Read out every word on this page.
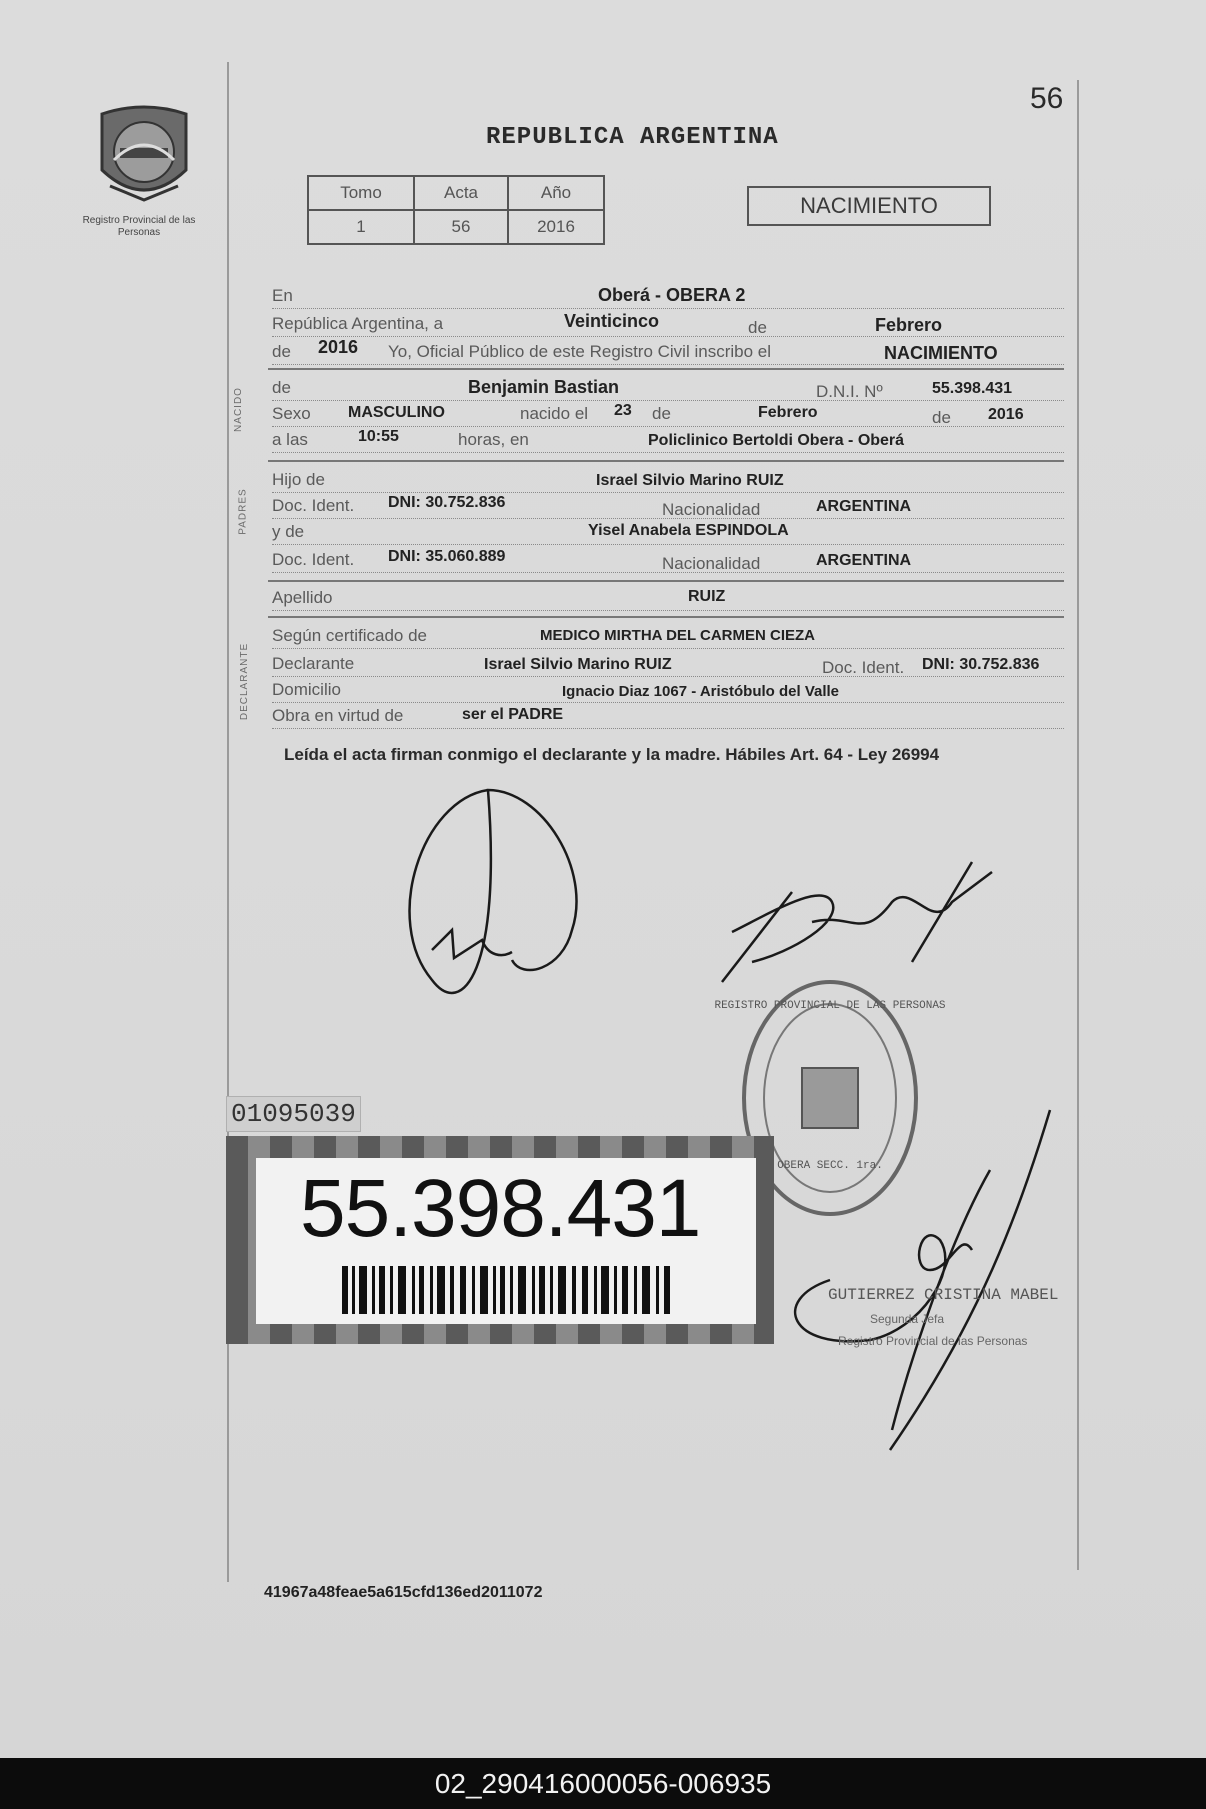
Registro Provincial de las Personas
56
REPUBLICA ARGENTINA
Tomo	Acta	Año
1	56	2016
NACIMIENTO
En	Oberá - OBERA 2
República Argentina, a	Veinticinco	de	Febrero
de 2016 Yo, Oficial Público de este Registro Civil inscribo el	NACIMIENTO
NACIDO de	Benjamin Bastian	D.N.I. Nº	55.398.431
Sexo MASCULINO	nacido el 23 de	Febrero	de 2016
a las	10:55	horas, en	Policlinico Bertoldi Obera - Oberá
PADRES
Hijo de	Israel Silvio Marino RUIZ
Doc. Ident. DNI: 30.752.836	Nacionalidad	ARGENTINA
y de	Yisel Anabela ESPINDOLA
Doc. Ident. DNI: 35.060.889	Nacionalidad	ARGENTINA
Apellido	RUIZ
DECLARANTE
Según certificado de	MEDICO MIRTHA DEL CARMEN CIEZA
Declarante	Israel Silvio Marino RUIZ	Doc. Ident. DNI: 30.752.836
Domicilio	Ignacio Diaz 1067 - Aristóbulo del Valle
Obra en virtud de	ser el PADRE
Leída el acta firman conmigo el declarante y la madre. Hábiles Art. 64 - Ley 26994
REGISTRO PROVINCIAL DE LAS PERSONAS
OBERA SECC. 1ra.
01095039
55.398.431
GUTIERREZ CRISTINA MABEL
Segunda Jefa
Registro Provincial de las Personas
41967a48feae5a615cfd136ed2011072
02_290416000056-006935
